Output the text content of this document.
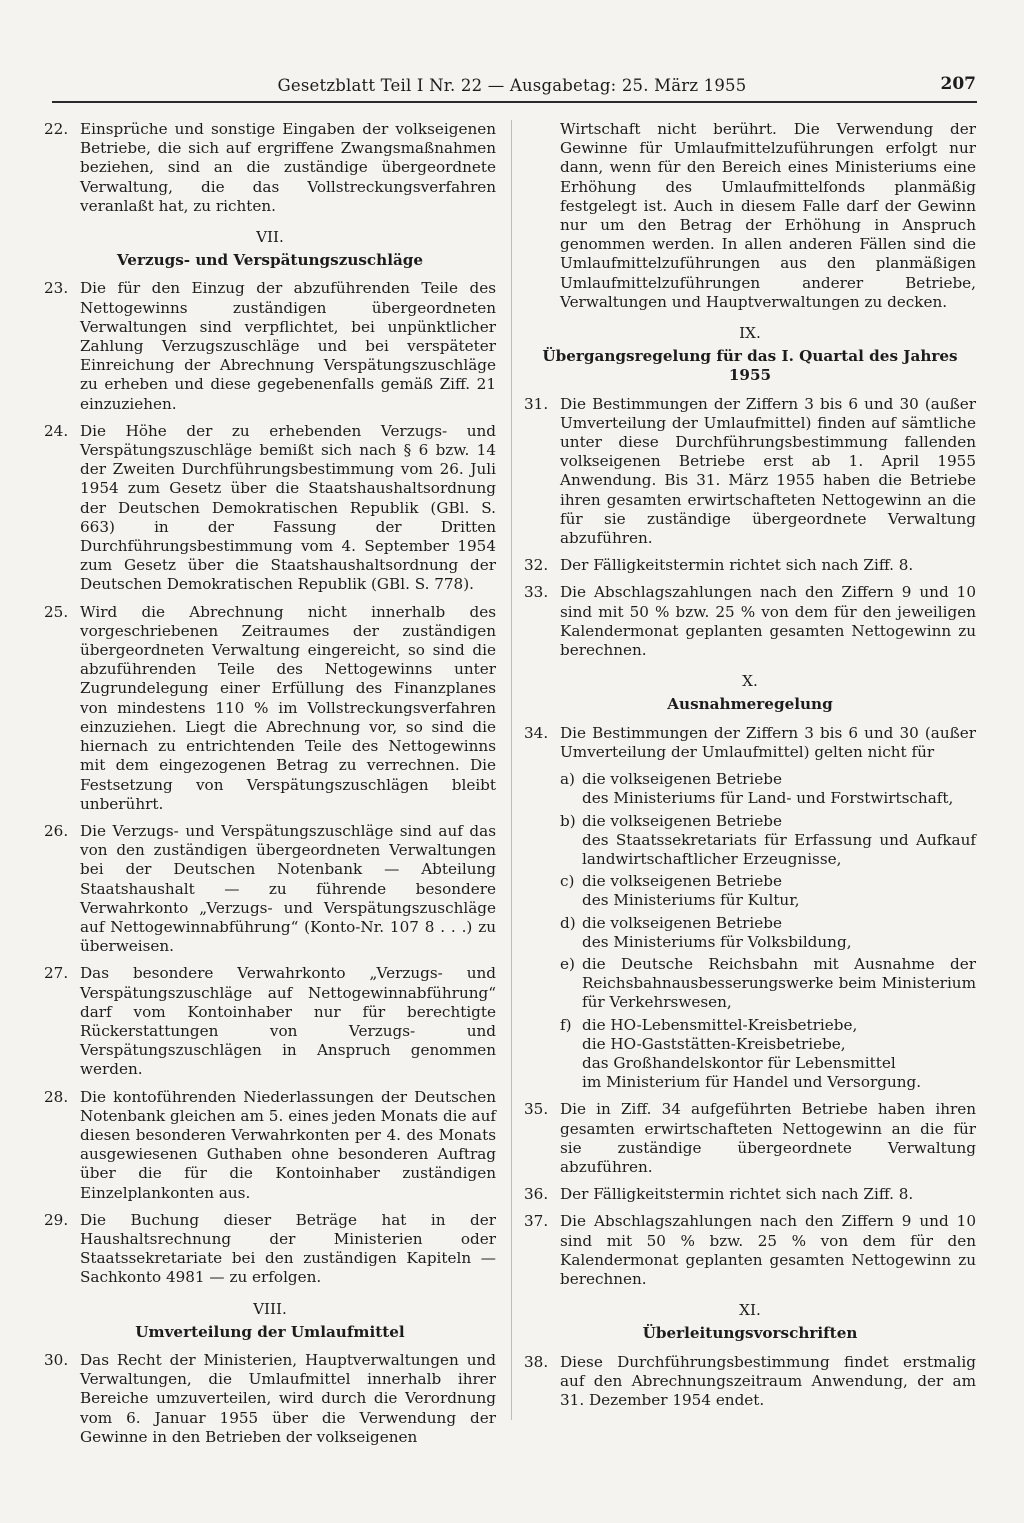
Gesetzblatt Teil I Nr. 22 — Ausgabetag: 25. März 1955	207
22. Einsprüche und sonstige Eingaben der volkseigenen Betriebe, die sich auf ergriffene Zwangsmaßnahmen beziehen, sind an die zuständige übergeordnete Verwaltung, die das Vollstreckungsverfahren veranlaßt hat, zu richten.
VII.
Verzugs- und Verspätungszuschläge
23. Die für den Einzug der abzuführenden Teile des Nettogewinns zuständigen übergeordneten Verwaltungen sind verpflichtet, bei unpünktlicher Zahlung Verzugszuschläge und bei verspäteter Einreichung der Abrechnung Verspätungszuschläge zu erheben und diese gegebenenfalls gemäß Ziff. 21 einzuziehen.
24. Die Höhe der zu erhebenden Verzugs- und Verspätungszuschläge bemißt sich nach § 6 bzw. 14 der Zweiten Durchführungsbestimmung vom 26. Juli 1954 zum Gesetz über die Staatshaushaltsordnung der Deutschen Demokratischen Republik (GBl. S. 663) in der Fassung der Dritten Durchführungsbestimmung vom 4. September 1954 zum Gesetz über die Staatshaushaltsordnung der Deutschen Demokratischen Republik (GBl. S. 778).
25. Wird die Abrechnung nicht innerhalb des vorgeschriebenen Zeitraumes der zuständigen übergeordneten Verwaltung eingereicht, so sind die abzuführenden Teile des Nettogewinns unter Zugrundelegung einer Erfüllung des Finanzplanes von mindestens 110 % im Vollstreckungsverfahren einzuziehen. Liegt die Abrechnung vor, so sind die hiernach zu entrichtenden Teile des Nettogewinns mit dem eingezogenen Betrag zu verrechnen. Die Festsetzung von Verspätungszuschlägen bleibt unberührt.
26. Die Verzugs- und Verspätungszuschläge sind auf das von den zuständigen übergeordneten Verwaltungen bei der Deutschen Notenbank — Abteilung Staatshaushalt — zu führende besondere Verwahrkonto „Verzugs- und Verspätungszuschläge auf Nettogewinnabführung“ (Konto-Nr. 107 8 . . .) zu überweisen.
27. Das besondere Verwahrkonto „Verzugs- und Verspätungszuschläge auf Nettogewinnabführung“ darf vom Kontoinhaber nur für berechtigte Rückerstattungen von Verzugs- und Verspätungszuschlägen in Anspruch genommen werden.
28. Die kontoführenden Niederlassungen der Deutschen Notenbank gleichen am 5. eines jeden Monats die auf diesen besonderen Verwahrkonten per 4. des Monats ausgewiesenen Guthaben ohne besonderen Auftrag über die für die Kontoinhaber zuständigen Einzelplankonten aus.
29. Die Buchung dieser Beträge hat in der Haushaltsrechnung der Ministerien oder Staatssekretariate bei den zuständigen Kapiteln — Sachkonto 4981 — zu erfolgen.
VIII.
Umverteilung der Umlaufmittel
30. Das Recht der Ministerien, Hauptverwaltungen und Verwaltungen, die Umlaufmittel innerhalb ihrer Bereiche umzuverteilen, wird durch die Verordnung vom 6. Januar 1955 über die Verwendung der Gewinne in den Betrieben der volkseigenen
Wirtschaft nicht berührt. Die Verwendung der Gewinne für Umlaufmittelzuführungen erfolgt nur dann, wenn für den Bereich eines Ministeriums eine Erhöhung des Umlaufmittelfonds planmäßig festgelegt ist. Auch in diesem Falle darf der Gewinn nur um den Betrag der Erhöhung in Anspruch genommen werden. In allen anderen Fällen sind die Umlaufmittelzuführungen aus den planmäßigen Umlaufmittelzuführungen anderer Betriebe, Verwaltungen und Hauptverwaltungen zu decken.
IX.
Übergangsregelung für das I. Quartal des Jahres 1955
31. Die Bestimmungen der Ziffern 3 bis 6 und 30 (außer Umverteilung der Umlaufmittel) finden auf sämtliche unter diese Durchführungsbestimmung fallenden volkseigenen Betriebe erst ab 1. April 1955 Anwendung. Bis 31. März 1955 haben die Betriebe ihren gesamten erwirtschafteten Nettogewinn an die für sie zuständige übergeordnete Verwaltung abzuführen.
32. Der Fälligkeitstermin richtet sich nach Ziff. 8.
33. Die Abschlagszahlungen nach den Ziffern 9 und 10 sind mit 50 % bzw. 25 % von dem für den jeweiligen Kalendermonat geplanten gesamten Nettogewinn zu berechnen.
X.
Ausnahmeregelung
34. Die Bestimmungen der Ziffern 3 bis 6 und 30 (außer Umverteilung der Umlaufmittel) gelten nicht für
a) die volkseigenen Betriebe
des Ministeriums für Land- und Forstwirtschaft,
b) die volkseigenen Betriebe
des Staatssekretariats für Erfassung und Aufkauf landwirtschaftlicher Erzeugnisse,
c) die volkseigenen Betriebe
des Ministeriums für Kultur,
d) die volkseigenen Betriebe
des Ministeriums für Volksbildung,
e) die Deutsche Reichsbahn mit Ausnahme der Reichsbahnausbesserungswerke beim Ministerium für Verkehrswesen,
f) die HO-Lebensmittel-Kreisbetriebe,
die HO-Gaststätten-Kreisbetriebe,
das Großhandelskontor für Lebensmittel
im Ministerium für Handel und Versorgung.
35. Die in Ziff. 34 aufgeführten Betriebe haben ihren gesamten erwirtschafteten Nettogewinn an die für sie zuständige übergeordnete Verwaltung abzuführen.
36. Der Fälligkeitstermin richtet sich nach Ziff. 8.
37. Die Abschlagszahlungen nach den Ziffern 9 und 10 sind mit 50 % bzw. 25 % von dem für den Kalendermonat geplanten gesamten Nettogewinn zu berechnen.
XI.
Überleitungsvorschriften
38. Diese Durchführungsbestimmung findet erstmalig auf den Abrechnungszeitraum Anwendung, der am 31. Dezember 1954 endet.
